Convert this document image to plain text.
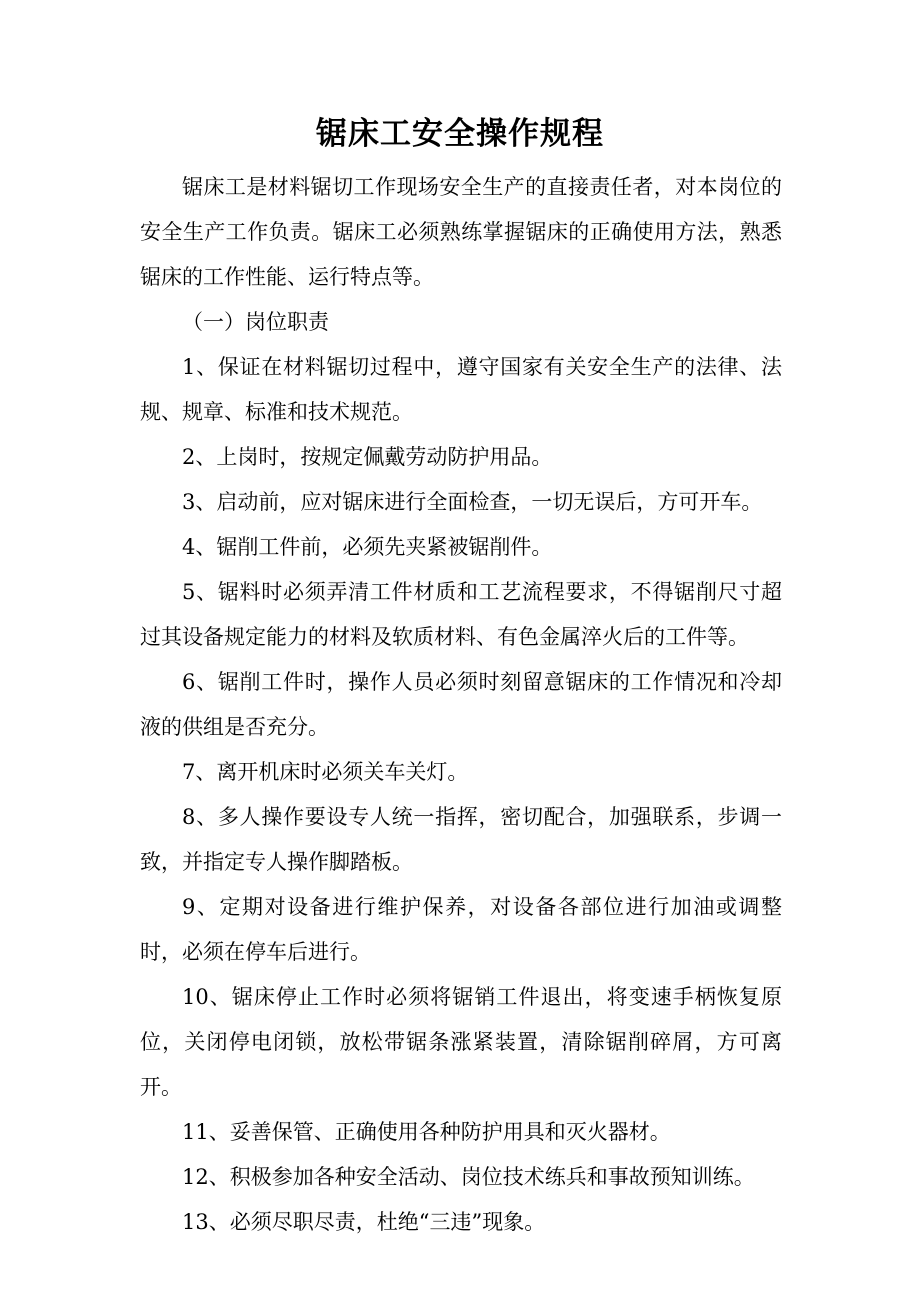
锯床工安全操作规程

锯床工是材料锯切工作现场安全生产的直接责任者，对本岗位的安全生产工作负责。锯床工必须熟练掌握锯床的正确使用方法，熟悉锯床的工作性能、运行特点等。

（一）岗位职责

1、保证在材料锯切过程中，遵守国家有关安全生产的法律、法规、规章、标准和技术规范。

2、上岗时，按规定佩戴劳动防护用品。

3、启动前，应对锯床进行全面检查，一切无误后，方可开车。

4、锯削工件前，必须先夹紧被锯削件。

5、锯料时必须弄清工件材质和工艺流程要求，不得锯削尺寸超过其设备规定能力的材料及软质材料、有色金属淬火后的工件等。

6、锯削工件时，操作人员必须时刻留意锯床的工作情况和冷却液的供组是否充分。

7、离开机床时必须关车关灯。

8、多人操作要设专人统一指挥，密切配合，加强联系，步调一致，并指定专人操作脚踏板。

9、定期对设备进行维护保养，对设备各部位进行加油或调整时，必须在停车后进行。

10、锯床停止工作时必须将锯销工件退出，将变速手柄恢复原位，关闭停电闭锁，放松带锯条涨紧装置，清除锯削碎屑，方可离开。

11、妥善保管、正确使用各种防护用具和灭火器材。

12、积极参加各种安全活动、岗位技术练兵和事故预知训练。

13、必须尽职尽责，杜绝“三违”现象。
